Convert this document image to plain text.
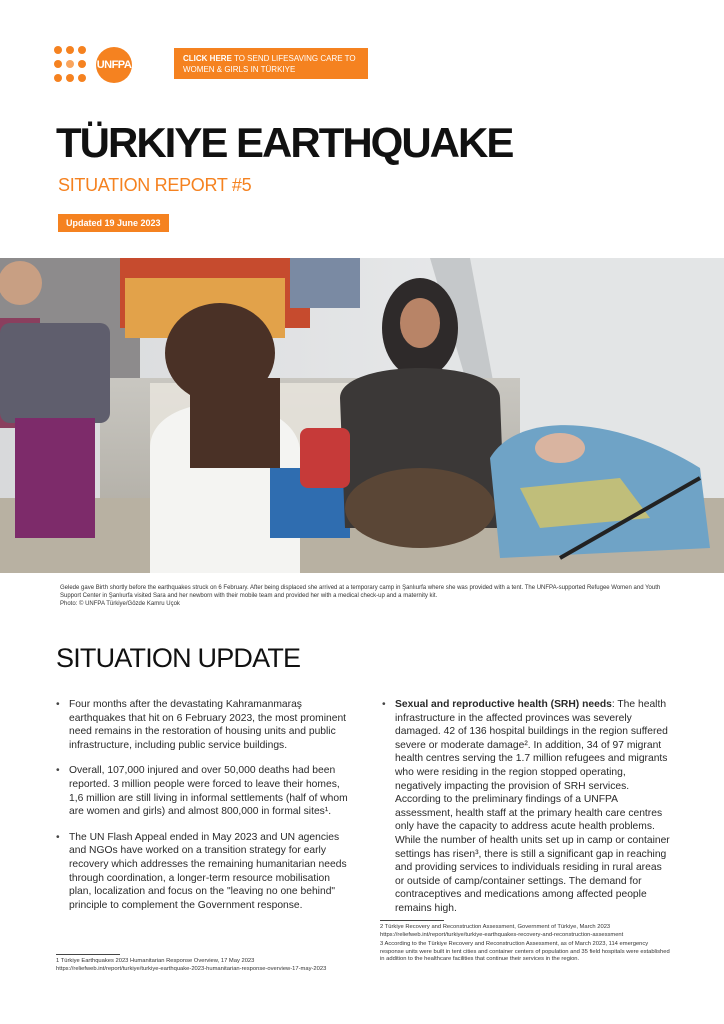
UNFPA
CLICK HERE TO SEND LIFESAVING CARE TO WOMEN & GIRLS IN TÜRKIYE
TÜRKIYE EARTHQUAKE
SITUATION REPORT #5
Updated 19 June 2023
Gelede gave Birth shortly before the earthquakes struck on 6 February. After being displaced she arrived at a temporary camp in Şanlıurfa where she was provided with a tent. The UNFPA-supported Refugee Women and Youth Support Center in Şanlıurfa visited Sara and her newborn with their mobile team and provided her with a medical check-up and a maternity kit.
Photo: © UNFPA Türkiye/Gözde Kamru Uçok
SITUATION UPDATE
• Four months after the devastating Kahramanmaraş earthquakes that hit on 6 February 2023, the most prominent need remains in the restoration of housing units and public infrastructure, including public service buildings.
• Overall, 107,000 injured and over 50,000 deaths had been reported. 3 million people were forced to leave their homes, 1,6 million are still living in informal settlements (half of whom are women and girls) and almost 800,000 in formal sites¹.
• The UN Flash Appeal ended in May 2023 and UN agencies and NGOs have worked on a transition strategy for early recovery which addresses the remaining humanitarian needs through coordination, a longer-term resource mobilisation plan, localization and focus on the "leaving no one behind" principle to complement the Government response.
• Sexual and reproductive health (SRH) needs: The health infrastructure in the affected provinces was severely damaged. 42 of 136 hospital buildings in the region suffered severe or moderate damage². In addition, 34 of 97 migrant health centres serving the 1.7 million refugees and migrants who were residing in the region stopped operating, negatively impacting the provision of SRH services. According to the preliminary findings of a UNFPA assessment, health staff at the primary health care centres only have the capacity to address acute health problems. While the number of health units set up in camp or container settings has risen³, there is still a significant gap in reaching and providing services to individuals residing in rural areas or outside of camp/container settings. The demand for contraceptives and medications among affected people remains high.
1 Türkiye Earthquakes 2023 Humanitarian Response Overview, 17 May 2023 https://reliefweb.int/report/turkiye/turkiye-earthquake-2023-humanitarian-response-overview-17-may-2023
2 Türkiye Recovery and Reconstruction Assessment, Government of Türkiye, March 2023 https://reliefweb.int/report/turkiye/turkiye-earthquakes-recovery-and-reconstruction-assessment
3 According to the Türkiye Recovery and Reconstruction Assessment, as of March 2023, 114 emergency response units were built in tent cities and container centers of population and 35 field hospitals were established in addition to the healthcare facilities that continue their services in the region.
